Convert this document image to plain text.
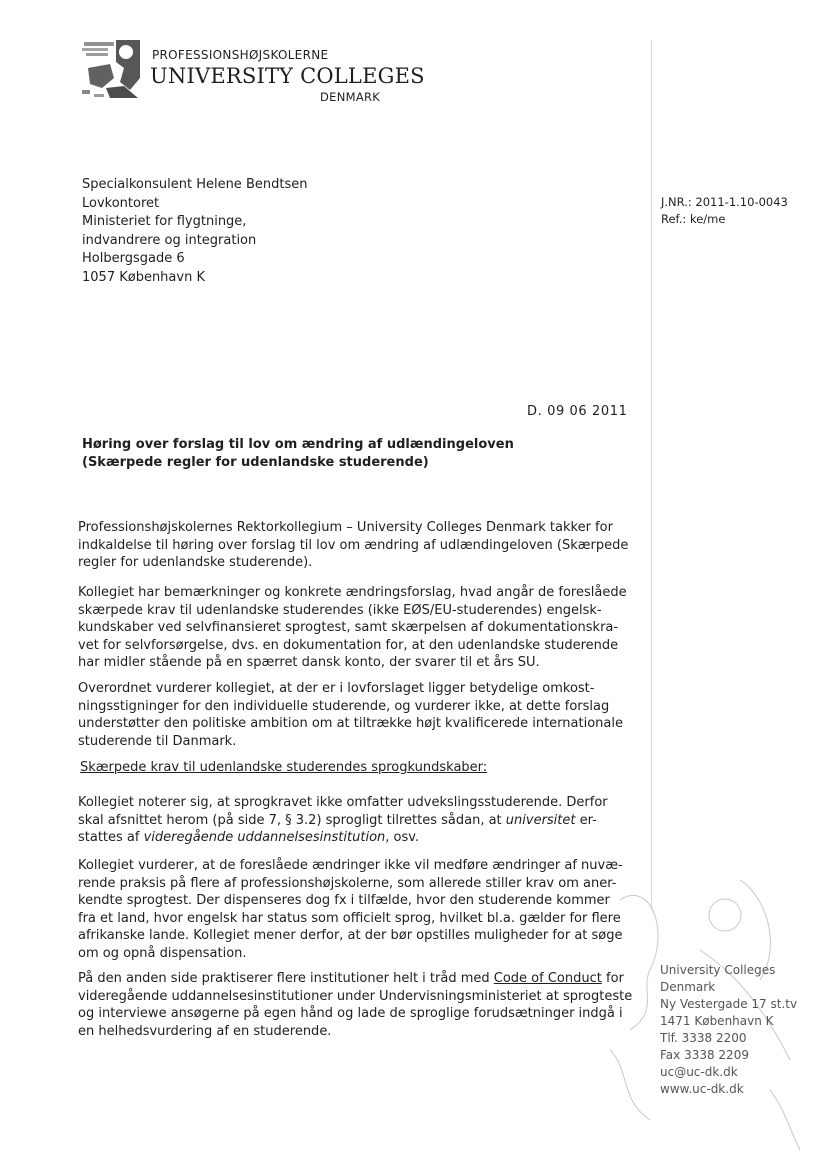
PROFESSIONSHØJSKOLERNE
UNIVERSITY COLLEGES
DENMARK
Specialkonsulent Helene Bendtsen
Lovkontoret
Ministeriet for flygtninge,
indvandrere og integration
Holbergsgade 6
1057 København K
J.NR.: 2011-1.10-0043
Ref.: ke/me
D. 09 06 2011
Høring over forslag til lov om ændring af udlændingeloven
(Skærpede regler for udenlandske studerende)
Professionshøjskolernes Rektorkollegium – University Colleges Denmark takker for
indkaldelse til høring over forslag til lov om ændring af udlændingeloven (Skærpede
regler for udenlandske studerende).
Kollegiet har bemærkninger og konkrete ændringsforslag, hvad angår de foreslåede
skærpede krav til udenlandske studerendes (ikke EØS/EU-studerendes) engelsk-
kundskaber ved selvfinansieret sprogtest, samt skærpelsen af dokumentationskra-
vet for selvforsørgelse, dvs. en dokumentation for, at den udenlandske studerende
har midler stående på en spærret dansk konto, der svarer til et års SU.
Overordnet vurderer kollegiet, at der er i lovforslaget ligger betydelige omkost-
ningsstigninger for den individuelle studerende, og vurderer ikke, at dette forslag
understøtter den politiske ambition om at tiltrække højt kvalificerede internationale
studerende til Danmark.
Skærpede krav til udenlandske studerendes sprogkundskaber:
Kollegiet noterer sig, at sprogkravet ikke omfatter udvekslingsstuderende. Derfor
skal afsnittet herom (på side 7, § 3.2) sprogligt tilrettes sådan, at universitet er-
stattes af videregående uddannelsesinstitution, osv.
Kollegiet vurderer, at de foreslåede ændringer ikke vil medføre ændringer af nuvæ-
rende praksis på flere af professionshøjskolerne, som allerede stiller krav om aner-
kendte sprogtest. Der dispenseres dog fx i tilfælde, hvor den studerende kommer
fra et land, hvor engelsk har status som officielt sprog, hvilket bl.a. gælder for flere
afrikanske lande. Kollegiet mener derfor, at der bør opstilles muligheder for at søge
om og opnå dispensation.
På den anden side praktiserer flere institutioner helt i tråd med Code of Conduct for
videregående uddannelsesinstitutioner under Undervisningsministeriet at sprogteste
og interviewe ansøgerne på egen hånd og lade de sproglige forudsætninger indgå i
en helhedsvurdering af en studerende.
University Colleges
Denmark
Ny Vestergade 17 st.tv
1471 København K
Tlf. 3338 2200
Fax 3338 2209
uc@uc-dk.dk
www.uc-dk.dk
